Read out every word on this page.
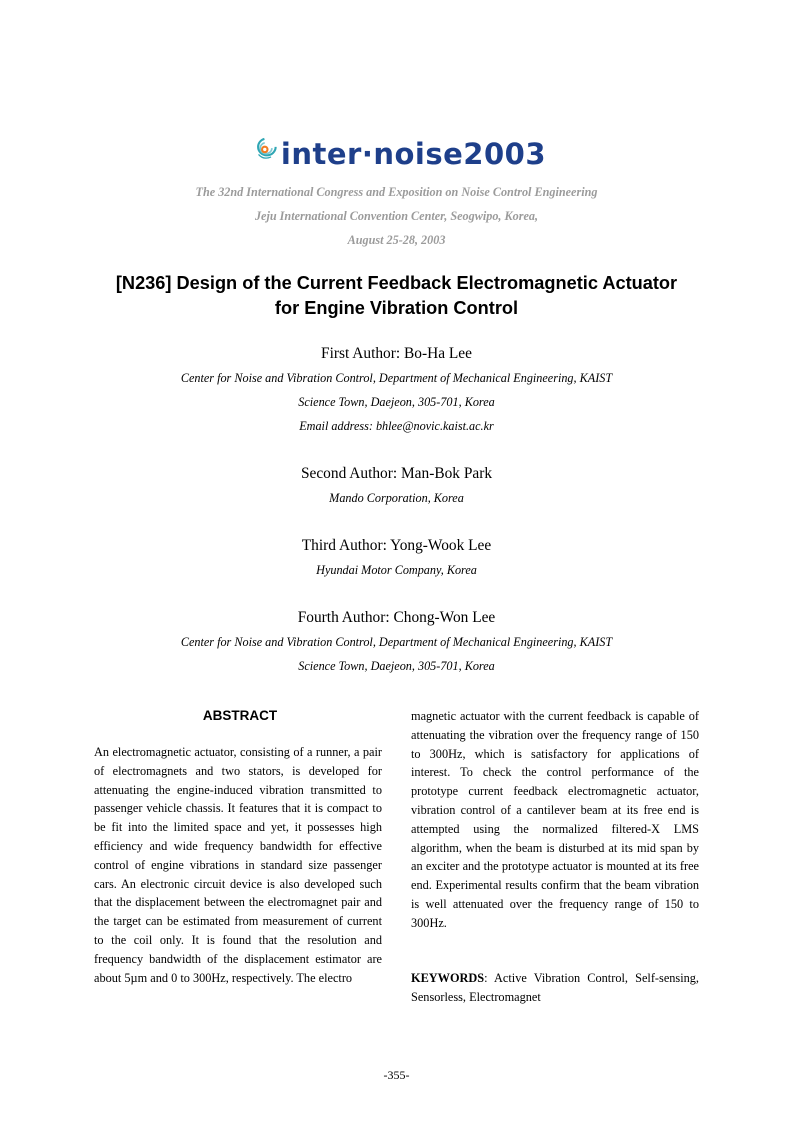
inter·noise2003
The 32nd International Congress and Exposition on Noise Control Engineering
Jeju International Convention Center, Seogwipo, Korea,
August 25-28, 2003
[N236] Design of the Current Feedback Electromagnetic Actuator
for Engine Vibration Control
First Author: Bo-Ha Lee
Center for Noise and Vibration Control, Department of Mechanical Engineering, KAIST
Science Town, Daejeon, 305-701, Korea
Email address: bhlee@novic.kaist.ac.kr
Second Author: Man-Bok Park
Mando Corporation, Korea
Third Author: Yong-Wook Lee
Hyundai Motor Company, Korea
Fourth Author: Chong-Won Lee
Center for Noise and Vibration Control, Department of Mechanical Engineering, KAIST
Science Town, Daejeon, 305-701, Korea
ABSTRACT

An electromagnetic actuator, consisting of a runner, a pair of electromagnets and two stators, is developed for attenuating the engine-induced vibration transmitted to passenger vehicle chassis. It features that it is compact to be fit into the limited space and yet, it possesses high efficiency and wide frequency bandwidth for effective control of engine vibrations in standard size passenger cars. An electronic circuit device is also developed such that the displacement between the electromagnet pair and the target can be estimated from measurement of current to the coil only. It is found that the resolution and frequency bandwidth of the displacement estimator are about 5µm and 0 to 300Hz, respectively. The electro

magnetic actuator with the current feedback is capable of attenuating the vibration over the frequency range of 150 to 300Hz, which is satisfactory for applications of interest. To check the control performance of the prototype current feedback electromagnetic actuator, vibration control of a cantilever beam at its free end is attempted using the normalized filtered-X LMS algorithm, when the beam is disturbed at its mid span by an exciter and the prototype actuator is mounted at its free end. Experimental results confirm that the beam vibration is well attenuated over the frequency range of 150 to 300Hz.

KEYWORDS: Active Vibration Control, Self-sensing, Sensorless, Electromagnet

-355-
